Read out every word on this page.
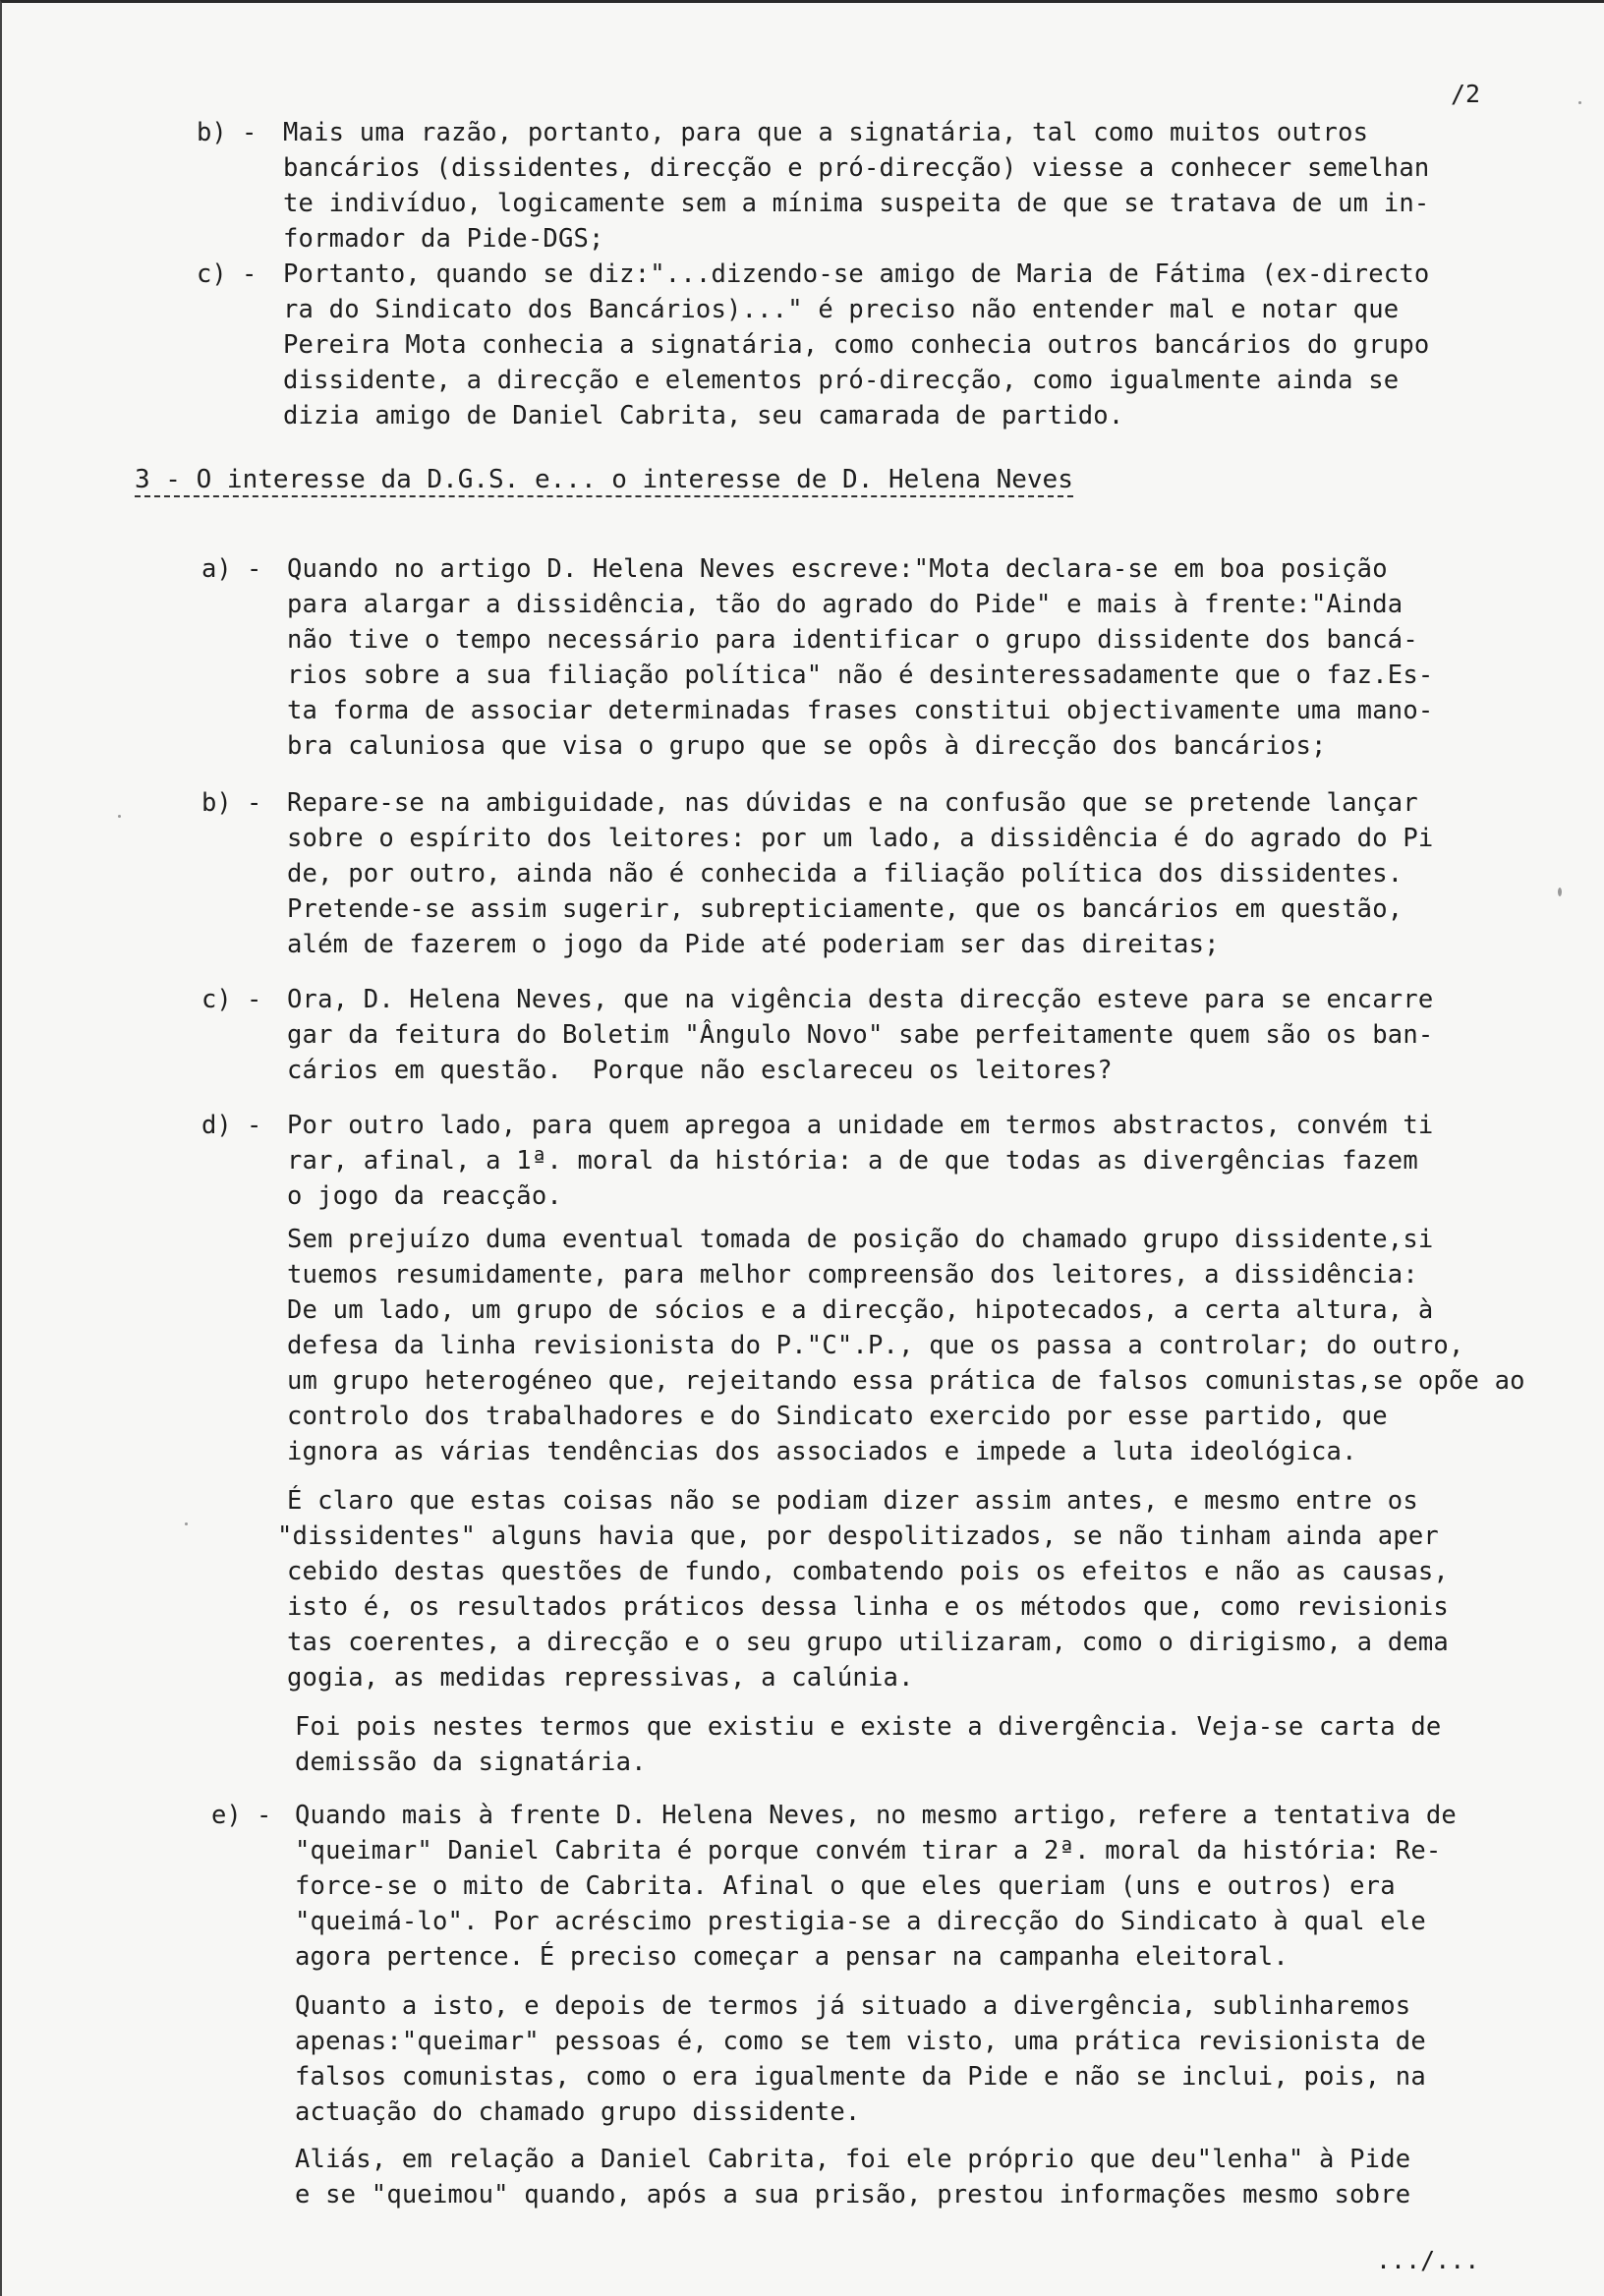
/2
b) - Mais uma razão, portanto, para que a signatária, tal como muitos outros
bancários (dissidentes, direcção e pró-direcção) viesse a conhecer semelhan
te indivíduo, logicamente sem a mínima suspeita de que se tratava de um in-
formador da Pide-DGS;
c) - Portanto, quando se diz:"...dizendo-se amigo de Maria de Fátima (ex-directo
ra do Sindicato dos Bancários)..." é preciso não entender mal e notar que
Pereira Mota conhecia a signatária, como conhecia outros bancários do grupo
dissidente, a direcção e elementos pró-direcção, como igualmente ainda se
dizia amigo de Daniel Cabrita, seu camarada de partido.
3 - O interesse da D.G.S. e... o interesse de D. Helena Neves
a) - Quando no artigo D. Helena Neves escreve:"Mota declara-se em boa posição
para alargar a dissidência, tão do agrado do Pide" e mais à frente:"Ainda
não tive o tempo necessário para identificar o grupo dissidente dos bancá-
rios sobre a sua filiação política" não é desinteressadamente que o faz.Es-
ta forma de associar determinadas frases constitui objectivamente uma mano-
bra caluniosa que visa o grupo que se opôs à direcção dos bancários;
b) - Repare-se na ambiguidade, nas dúvidas e na confusão que se pretende lançar
sobre o espírito dos leitores: por um lado, a dissidência é do agrado do Pi
de, por outro, ainda não é conhecida a filiação política dos dissidentes.
Pretende-se assim sugerir, subrepticiamente, que os bancários em questão,
além de fazerem o jogo da Pide até poderiam ser das direitas;
c) - Ora, D. Helena Neves, que na vigência desta direcção esteve para se encarre
gar da feitura do Boletim "Ângulo Novo" sabe perfeitamente quem são os ban-
cários em questão.  Porque não esclareceu os leitores?
d) - Por outro lado, para quem apregoa a unidade em termos abstractos, convém ti
rar, afinal, a 1ª. moral da história: a de que todas as divergências fazem
o jogo da reacção.
Sem prejuízo duma eventual tomada de posição do chamado grupo dissidente,si
tuemos resumidamente, para melhor compreensão dos leitores, a dissidência:
De um lado, um grupo de sócios e a direcção, hipotecados, a certa altura, à
defesa da linha revisionista do P."C".P., que os passa a controlar; do outro,
um grupo heterogéneo que, rejeitando essa prática de falsos comunistas,se opõe ao
controlo dos trabalhadores e do Sindicato exercido por esse partido, que
ignora as várias tendências dos associados e impede a luta ideológica.
É claro que estas coisas não se podiam dizer assim antes, e mesmo entre os
"dissidentes" alguns havia que, por despolitizados, se não tinham ainda aper
cebido destas questões de fundo, combatendo pois os efeitos e não as causas,
isto é, os resultados práticos dessa linha e os métodos que, como revisionis
tas coerentes, a direcção e o seu grupo utilizaram, como o dirigismo, a dema
gogia, as medidas repressivas, a calúnia.
Foi pois nestes termos que existiu e existe a divergência. Veja-se carta de
demissão da signatária.
e) - Quando mais à frente D. Helena Neves, no mesmo artigo, refere a tentativa de
"queimar" Daniel Cabrita é porque convém tirar a 2ª. moral da história: Re-
force-se o mito de Cabrita. Afinal o que eles queriam (uns e outros) era
"queimá-lo". Por acréscimo prestigia-se a direcção do Sindicato à qual ele
agora pertence. É preciso começar a pensar na campanha eleitoral.
Quanto a isto, e depois de termos já situado a divergência, sublinharemos
apenas:"queimar" pessoas é, como se tem visto, uma prática revisionista de
falsos comunistas, como o era igualmente da Pide e não se inclui, pois, na
actuação do chamado grupo dissidente.
Aliás, em relação a Daniel Cabrita, foi ele próprio que deu"lenha" à Pide
e se "queimou" quando, após a sua prisão, prestou informações mesmo sobre
.../...
